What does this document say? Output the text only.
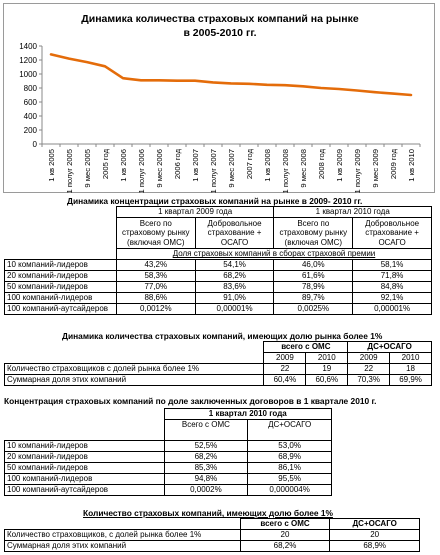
Динамика количества страховых компаний на рынке
в 2005-2010 гг.
0
200
400
600
800
1000
1200
1400
1 кв 2005 1 полуг 2005 9 мес 2005 2005 год 1 кв 2006 1 полуг 2006 9 мес 2006 2006 год 1 кв 2007 1 полуг 2007 9 мес 2007 2007 год 1 кв 2008 1 полуг 2008 9 мес 2008 2008 год 1 кв 2009 1 полуг 2009 9 мес 2009 2009 год 1 кв 2010
Динамика концентрации страховых компаний на рынке в 2009- 2010 гг.
	1 квартал 2009 года		1 квартал 2010 года	
	Всего по страховому рынку (включая ОМС)	Добровольное страхование + ОСАГО	Всего по страховому рынку (включая ОМС)	Добровольное страхование + ОСАГО
	Доля страховых компаний в сборах страховой премии			
10 компаний-лидеров	43,2%	54,1%	46,0%	58,1%
20 компаний-лидеров	58,3%	68,2%	61,6%	71,8%
50 компаний-лидеров	77,0%	83,6%	78,9%	84,8%
100 компаний-лидеров	88,6%	91,0%	89,7%	92,1%
100 компаний-аутсайдеров	0,0012%	0,00001%	0,0025%	0,00001%
Динамика количества страховых компаний, имеющих долю рынка более 1%
	всего с ОМС		ДС+ОСАГО	
	2009	2010	2009	2010
Количество страховщиков с долей рынка более 1%	22	19	22	18
Суммарная доля этих компаний	60,4%	60,6%	70,3%	69,9%
Концентрация страховых компаний по доле заключенных договоров в 1 квартале 2010 г.
	1 квартал 2010 года	
	Всего с ОМС	ДС+ОСАГО
10 компаний-лидеров	52,5%	53,0%
20 компаний-лидеров	68,2%	68,9%
50 компаний-лидеров	85,3%	86,1%
100 компаний-лидеров	94,8%	95,5%
100 компаний-аутсайдеров	0,0002%	0,000004%
Количество страховых компаний, имеющих долю более 1%
	всего с ОМС	ДС+ОСАГО
Количество страховщиков, с долей рынка более 1%	20	20
Суммарная доля этих компаний	68,2%	68,9%
